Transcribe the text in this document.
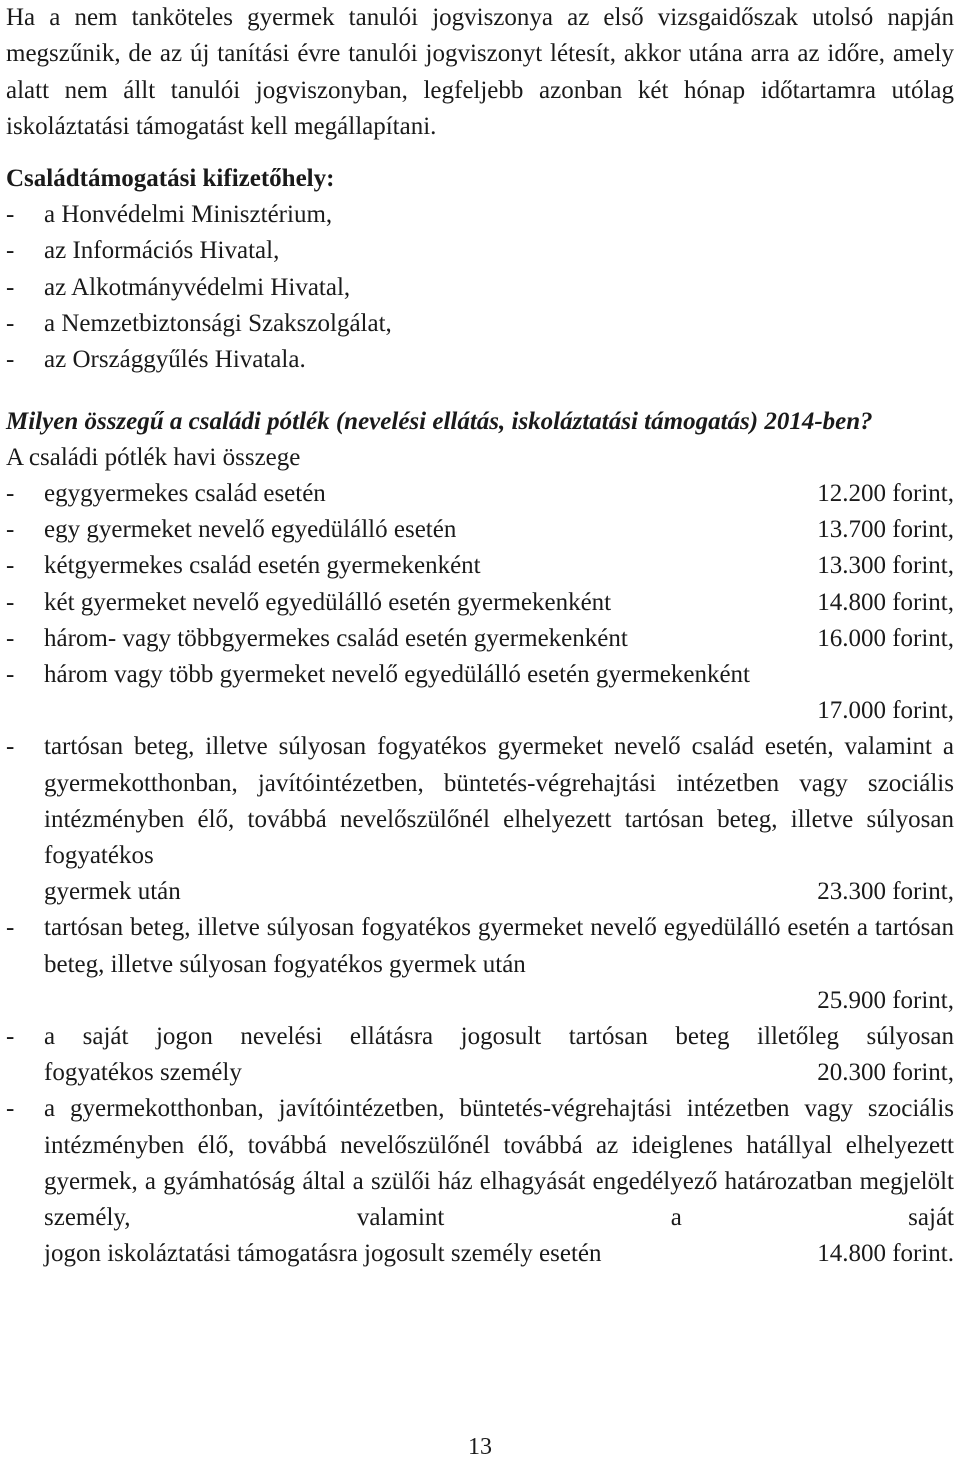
Ha a nem tanköteles gyermek tanulói jogviszonya az első vizsgaidőszak utolsó napján megszűnik, de az új tanítási évre tanulói jogviszonyt létesít, akkor utána arra az időre, amely alatt nem állt tanulói jogviszonyban, legfeljebb azonban két hónap időtartamra utólag iskoláztatási támogatást kell megállapítani.

Családtámogatási kifizetőhely:
- a Honvédelmi Minisztérium,
- az Információs Hivatal,
- az Alkotmányvédelmi Hivatal,
- a Nemzetbiztonsági Szakszolgálat,
- az Országgyűlés Hivatala.
Milyen összegű a családi pótlék (nevelési ellátás, iskoláztatási támogatás) 2014-ben?
A családi pótlék havi összege
- egygyermekes család esetén	12.200 forint,
- egy gyermeket nevelő egyedülálló esetén	13.700 forint,
- kétgyermekes család esetén gyermekenként	13.300 forint,
- két gyermeket nevelő egyedülálló esetén gyermekenként	14.800 forint,
- három- vagy többgyermekes család esetén gyermekenként	16.000 forint,
- három vagy több gyermeket nevelő egyedülálló esetén gyermekenként
17.000 forint,
- tartósan beteg, illetve súlyosan fogyatékos gyermeket nevelő család esetén, valamint a gyermekotthonban, javítóintézetben, büntetés-végrehajtási intézetben vagy szociális intézményben élő, továbbá nevelőszülőnél elhelyezett tartósan beteg, illetve súlyosan fogyatékos
gyermek után	23.300 forint,
- tartósan beteg, illetve súlyosan fogyatékos gyermeket nevelő egyedülálló esetén a tartósan beteg, illetve súlyosan fogyatékos gyermek után
25.900 forint,
- a saját jogon nevelési ellátásra jogosult tartósan beteg illetőleg súlyosan
fogyatékos személy	20.300 forint,
- a gyermekotthonban, javítóintézetben, büntetés-végrehajtási intézetben vagy szociális intézményben élő, továbbá nevelőszülőnél továbbá az ideiglenes hatállyal elhelyezett gyermek, a gyámhatóság által a szülői ház elhagyását engedélyező határozatban megjelölt személy, valamint a saját
jogon iskoláztatási támogatásra jogosult személy esetén	14.800 forint.
13
